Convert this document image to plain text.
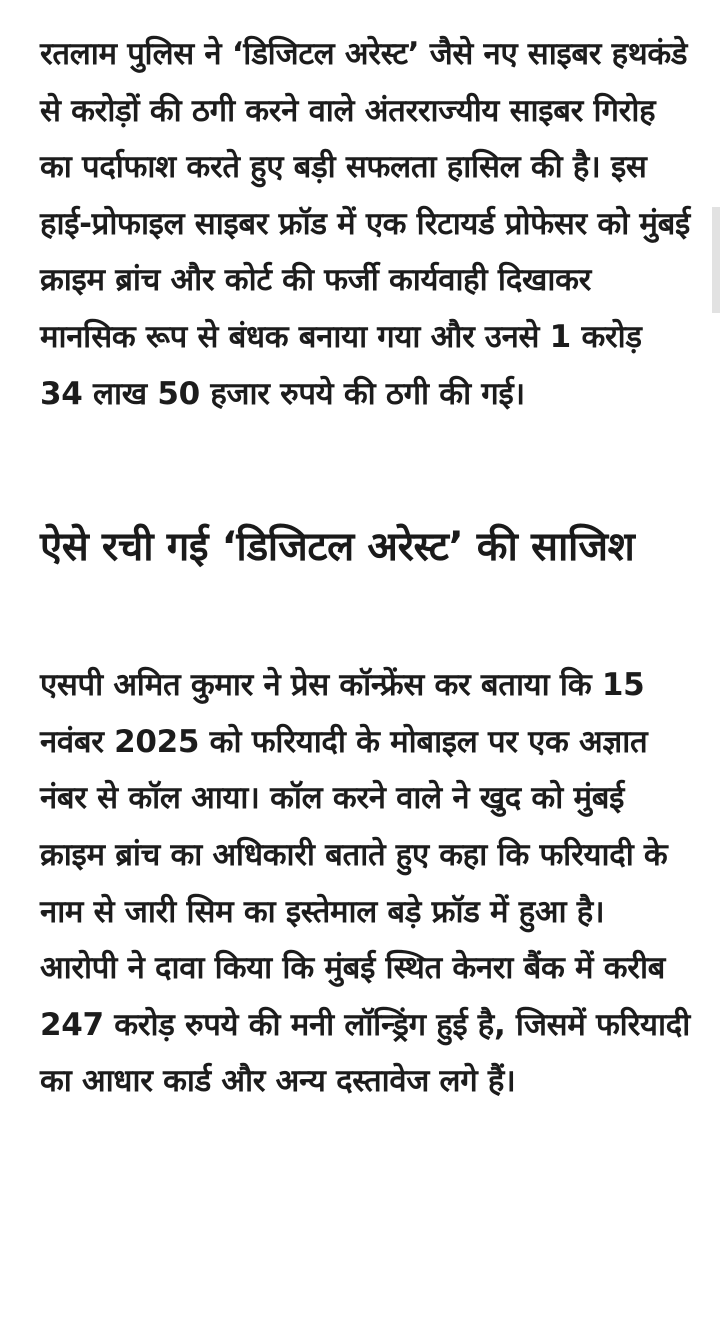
रतलाम पुलिस ने ‘डिजिटल अरेस्ट’ जैसे नए साइबर हथकंडे से करोड़ों की ठगी करने वाले अंतरराज्यीय साइबर गिरोह का पर्दाफाश करते हुए बड़ी सफलता हासिल की है। इस हाई-प्रोफाइल साइबर फ्रॉड में एक रिटायर्ड प्रोफेसर को मुंबई क्राइम ब्रांच और कोर्ट की फर्जी कार्यवाही दिखाकर मानसिक रूप से बंधक बनाया गया और उनसे 1 करोड़ 34 लाख 50 हजार रुपये की ठगी की गई।

ऐसे रची गई ‘डिजिटल अरेस्ट’ की साजिश

एसपी अमित कुमार ने प्रेस कॉन्फ्रेंस कर बताया कि 15 नवंबर 2025 को फरियादी के मोबाइल पर एक अज्ञात नंबर से कॉल आया। कॉल करने वाले ने खुद को मुंबई क्राइम ब्रांच का अधिकारी बताते हुए कहा कि फरियादी के नाम से जारी सिम का इस्तेमाल बड़े फ्रॉड में हुआ है। आरोपी ने दावा किया कि मुंबई स्थित केनरा बैंक में करीब 247 करोड़ रुपये की मनी लॉन्ड्रिंग हुई है, जिसमें फरियादी का आधार कार्ड और अन्य दस्तावेज लगे हैं।
